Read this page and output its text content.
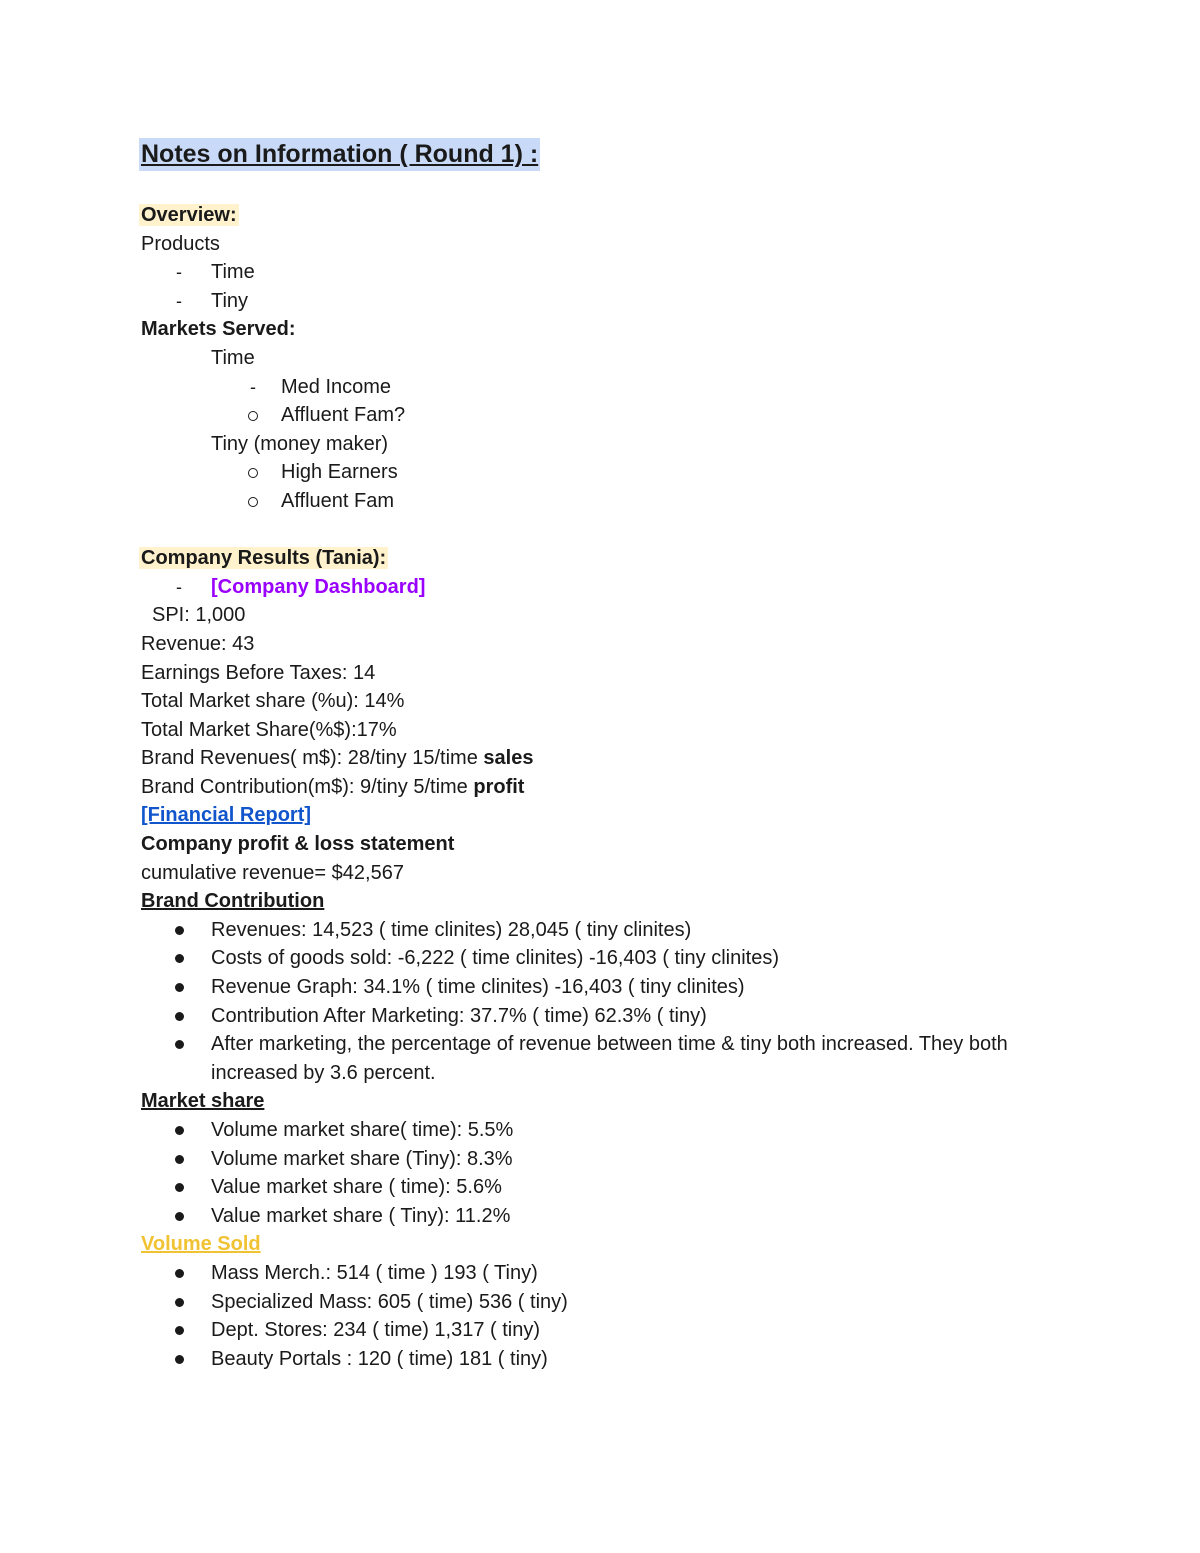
Notes on Information ( Round 1) :
Overview:
Products
-	Time
-	Tiny
Markets Served:
Time
-	Med Income
Affluent Fam?
Tiny (money maker)
High Earners
Affluent Fam
Company Results (Tania):
-	[Company Dashboard]
SPI: 1,000
Revenue: 43
Earnings Before Taxes: 14
Total Market share (%u): 14%
Total Market Share(%$):17%
Brand Revenues( m$): 28/tiny 15/time sales
Brand Contribution(m$): 9/tiny 5/time profit
[Financial Report]
Company profit & loss statement
cumulative revenue= $42,567
Brand Contribution
Revenues: 14,523 ( time clinites) 28,045 ( tiny clinites)
Costs of goods sold: -6,222 ( time clinites) -16,403 ( tiny clinites)
Revenue Graph: 34.1% ( time clinites) -16,403 ( tiny clinites)
Contribution After Marketing: 37.7% ( time) 62.3% ( tiny)
After marketing, the percentage of revenue between time & tiny both increased. They both increased by 3.6 percent.
Market share
Volume market share( time): 5.5%
Volume market share (Tiny): 8.3%
Value market share ( time): 5.6%
Value market share ( Tiny): 11.2%
Volume Sold
Mass Merch.: 514 ( time ) 193 ( Tiny)
Specialized Mass: 605 ( time) 536 ( tiny)
Dept. Stores: 234 ( time) 1,317 ( tiny)
Beauty Portals : 120 ( time) 181 ( tiny)
